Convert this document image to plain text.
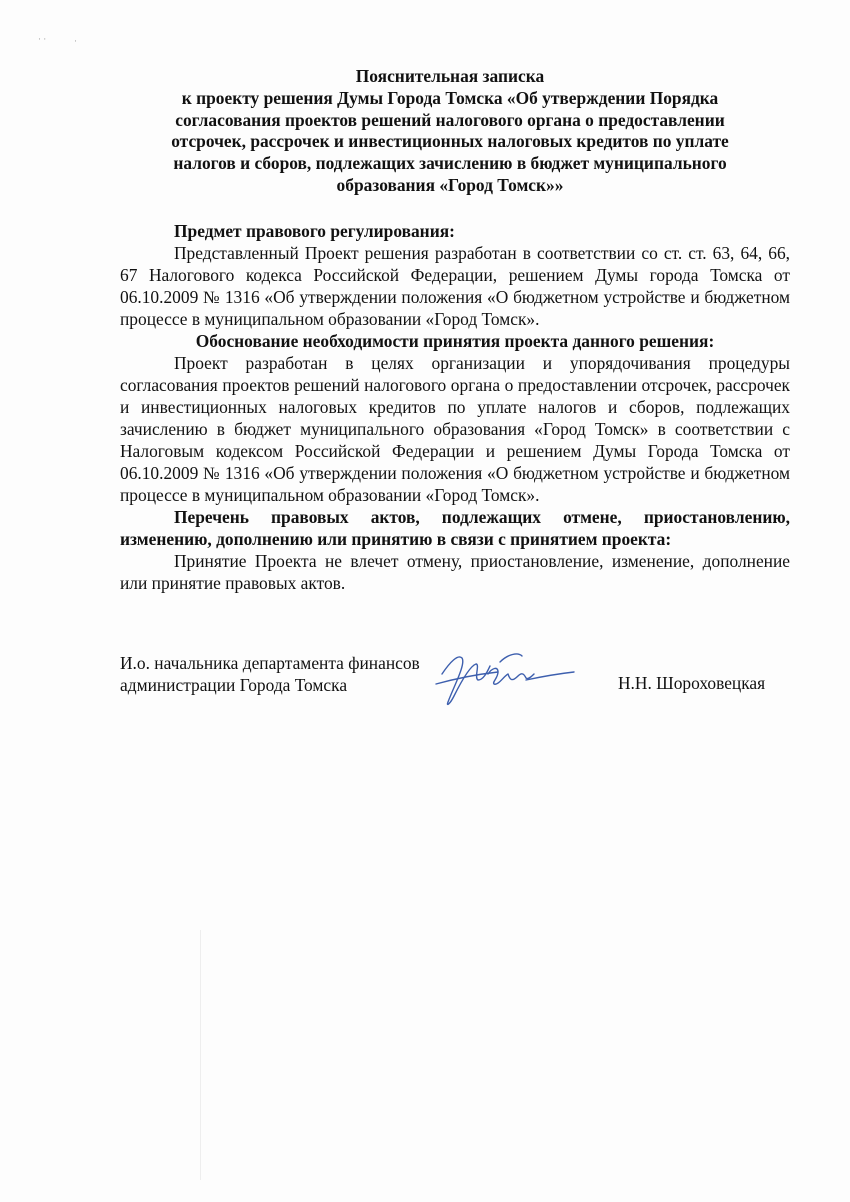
· ·	·
Пояснительная записка
к проекту решения Думы Города Томска «Об утверждении Порядка
согласования проектов решений налогового органа о предоставлении
отсрочек, рассрочек и инвестиционных налоговых кредитов по уплате
налогов и сборов, подлежащих зачислению в бюджет муниципального
образования «Город Томск»»

Предмет правового регулирования:

Представленный Проект решения разработан в соответствии со ст. ст. 63, 64, 66, 67 Налогового кодекса Российской Федерации, решением Думы города Томска от 06.10.2009 № 1316 «Об утверждении положения «О бюджетном устройстве и бюджетном процессе в муниципальном образовании «Город Томск».

Обоснование необходимости принятия проекта данного решения:

Проект разработан в целях организации и упорядочивания процедуры согласования проектов решений налогового органа о предоставлении отсрочек, рассрочек и инвестиционных налоговых кредитов по уплате налогов и сборов, подлежащих зачислению в бюджет муниципального образования «Город Томск» в соответствии с Налоговым кодексом Российской Федерации и решением Думы Города Томска от 06.10.2009 № 1316 «Об утверждении положения «О бюджетном устройстве и бюджетном процессе в муниципальном образовании «Город Томск».

Перечень правовых актов, подлежащих отмене, приостановлению, изменению, дополнению или принятию в связи с принятием проекта:

Принятие Проекта не влечет отмену, приостановление, изменение, дополнение или принятие правовых актов.

И.о. начальника департамента финансов
администрации Города Томска	Н.Н. Шороховецкая
